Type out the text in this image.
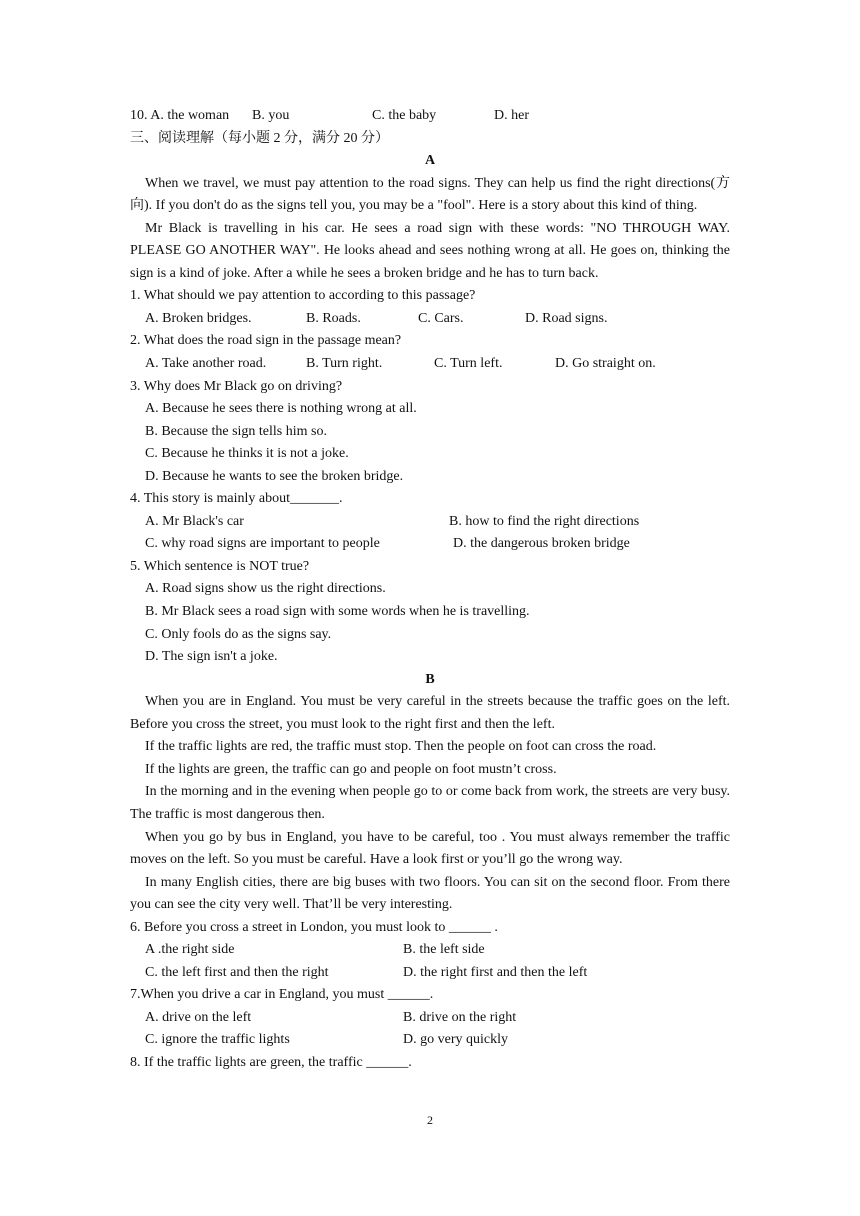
10. A. the woman	B. you	C. the baby	D. her
三、阅读理解（每小题 2 分，满分 20 分）
A
When we travel, we must pay attention to the road signs. They can help us find the right directions(方向). If you don't do as the signs tell you, you may be a "fool". Here is a story about this kind of thing.
Mr Black is travelling in his car. He sees a road sign with these words: "NO THROUGH WAY. PLEASE GO ANOTHER WAY". He looks ahead and sees nothing wrong at all. He goes on, thinking the sign is a kind of joke. After a while he sees a broken bridge and he has to turn back.
1. What should we pay attention to according to this passage?
A. Broken bridges.	B. Roads.	C. Cars.	D. Road signs.
2. What does the road sign in the passage mean?
A. Take another road.	B. Turn right.	C. Turn left.	D. Go straight on.
3. Why does Mr Black go on driving?
A. Because he sees there is nothing wrong at all.
B. Because the sign tells him so.
C. Because he thinks it is not a joke.
D. Because he wants to see the broken bridge.
4. This story is mainly about_______.
A. Mr Black's car	B. how to find the right directions
C. why road signs are important to people	D. the dangerous broken bridge
5. Which sentence is NOT true?
A. Road signs show us the right directions.
B. Mr Black sees a road sign with some words when he is travelling.
C. Only fools do as the signs say.
D. The sign isn't a joke.
B
When you are in England. You must be very careful in the streets because the traffic goes on the left. Before you cross the street, you must look to the right first and then the left.
If the traffic lights are red, the traffic must stop. Then the people on foot can cross the road.
If the lights are green, the traffic can go and people on foot mustn’t cross.
In the morning and in the evening when people go to or come back from work, the streets are very busy. The traffic is most dangerous then.
When you go by bus in England, you have to be careful, too . You must always remember the traffic moves on the left. So you must be careful. Have a look first or you’ll go the wrong way.
In many English cities, there are big buses with two floors. You can sit on the second floor. From there you can see the city very well. That’ll be very interesting.
6. Before you cross a street in London, you must look to ______ .
A .the right side	B. the left side
C. the left first and then the right	D. the right first and then the left
7.When you drive a car in England, you must ______.
A. drive on the left	B. drive on the right
C. ignore the traffic lights	D. go very quickly
8. If the traffic lights are green, the traffic ______.
2
